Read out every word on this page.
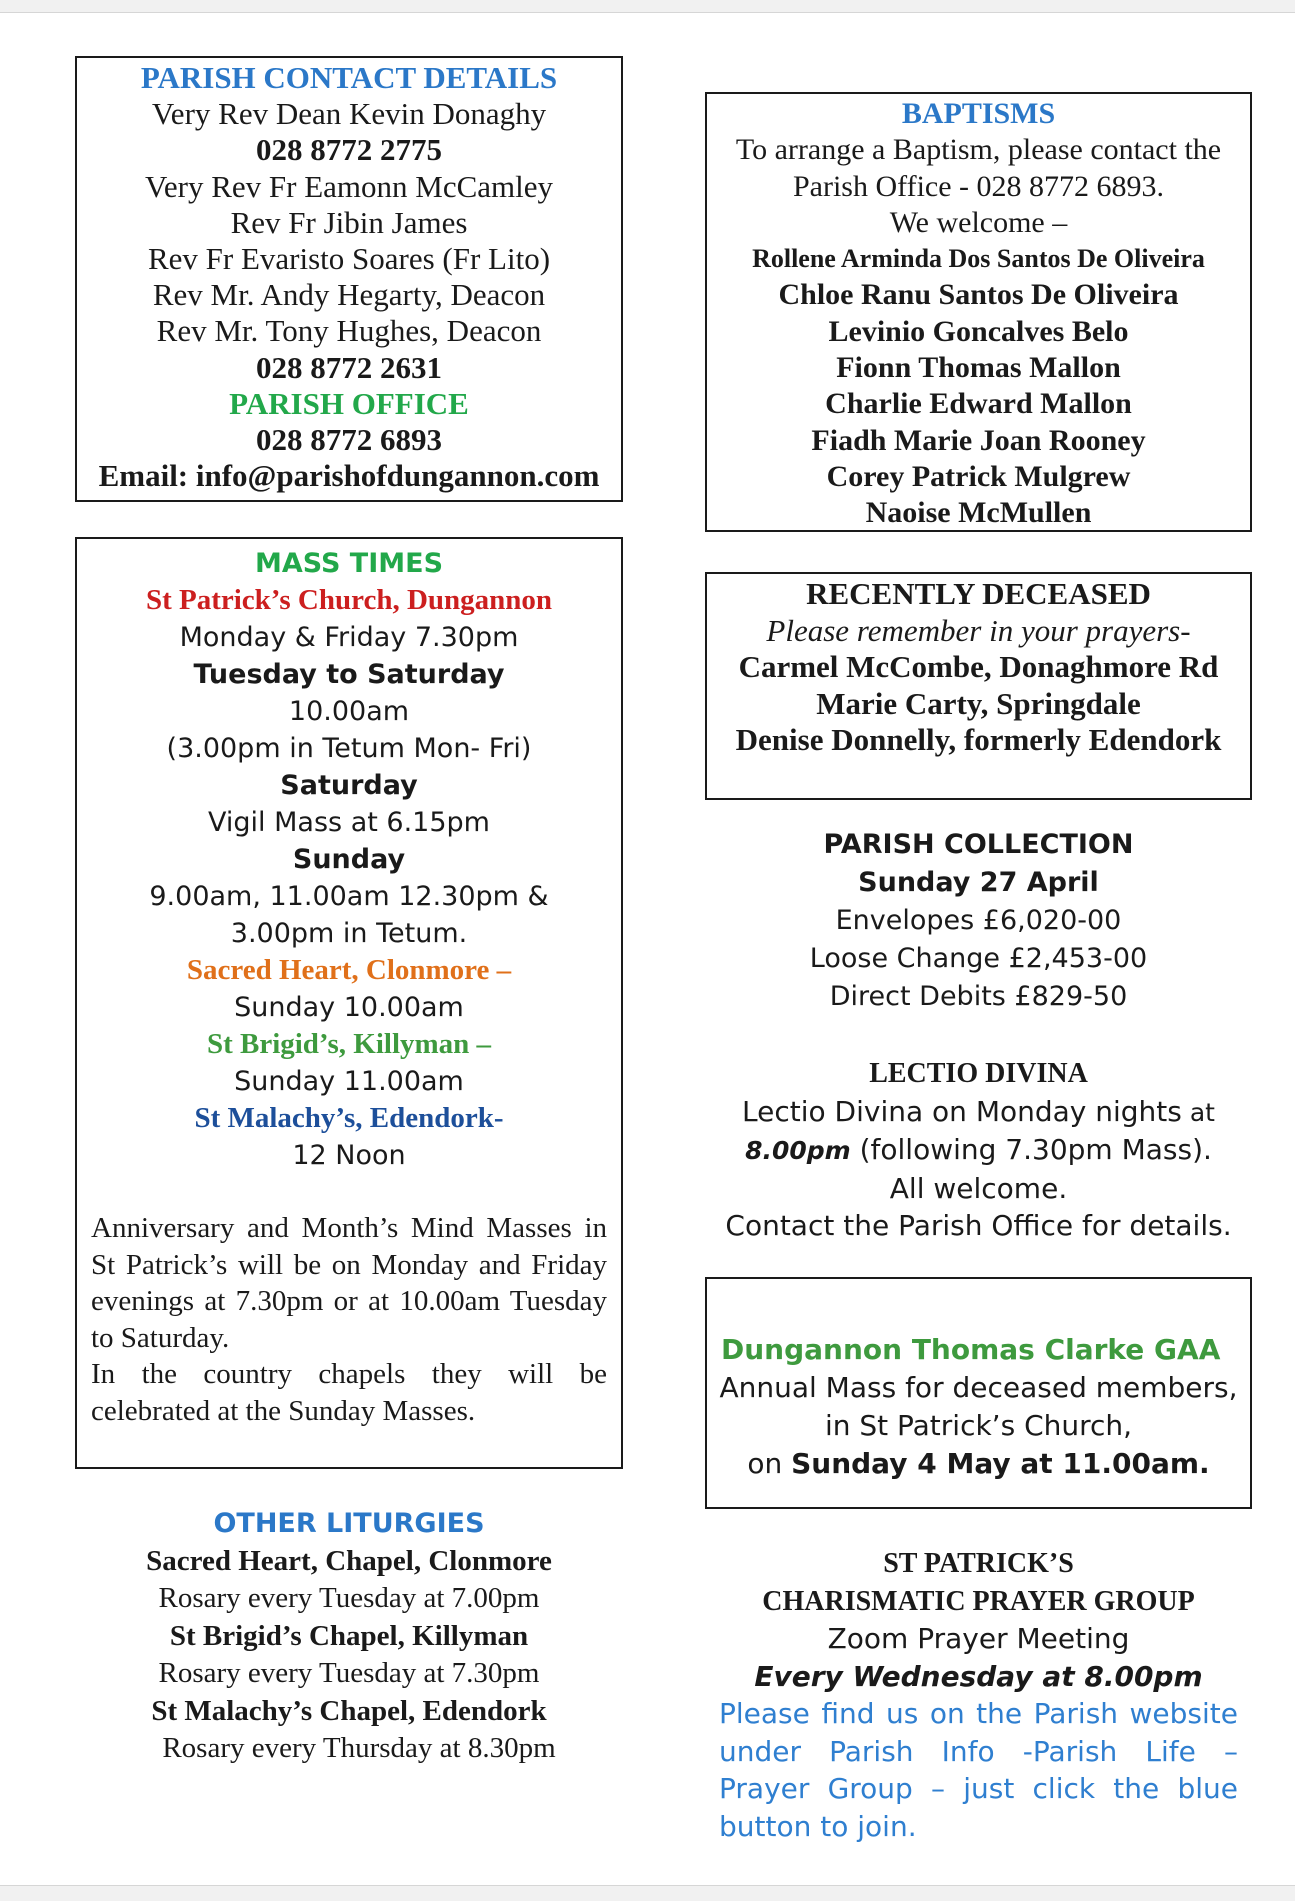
PARISH CONTACT DETAILS
Very Rev Dean Kevin Donaghy
028 8772 2775
Very Rev Fr Eamonn McCamley
Rev Fr Jibin James
Rev Fr Evaristo Soares (Fr Lito)
Rev Mr. Andy Hegarty, Deacon
Rev Mr. Tony Hughes, Deacon
028 8772 2631
PARISH OFFICE
028 8772 6893
Email: info@parishofdungannon.com
MASS TIMES
St Patrick’s Church, Dungannon
Monday & Friday 7.30pm
Tuesday to Saturday
10.00am
(3.00pm in Tetum Mon- Fri)
Saturday
Vigil Mass at 6.15pm
Sunday
9.00am, 11.00am 12.30pm &
3.00pm in Tetum.
Sacred Heart, Clonmore –
Sunday 10.00am
St Brigid’s, Killyman –
Sunday 11.00am
St Malachy’s, Edendork-
12 Noon

Anniversary and Month’s Mind Masses in St Patrick’s will be on Monday and Friday evenings at 7.30pm or at 10.00am Tuesday to Saturday.

In the country chapels they will be celebrated at the Sunday Masses.

OTHER LITURGIES
Sacred Heart, Chapel, Clonmore
Rosary every Tuesday at 7.00pm
St Brigid’s Chapel, Killyman
Rosary every Tuesday at 7.30pm
St Malachy’s Chapel, Edendork
Rosary every Thursday at 8.30pm
BAPTISMS
To arrange a Baptism, please contact the
Parish Office - 028 8772 6893.
We welcome –
Rollene Arminda Dos Santos De Oliveira
Chloe Ranu Santos De Oliveira
Levinio Goncalves Belo
Fionn Thomas Mallon
Charlie Edward Mallon
Fiadh Marie Joan Rooney
Corey Patrick Mulgrew
Naoise McMullen
RECENTLY DECEASED
Please remember in your prayers-
Carmel McCombe, Donaghmore Rd
Marie Carty, Springdale
Denise Donnelly, formerly Edendork
PARISH COLLECTION
Sunday 27 April
Envelopes £6,020-00
Loose Change £2,453-00
Direct Debits £829-50
LECTIO DIVINA
Lectio Divina on Monday nights at
8.00pm (following 7.30pm Mass).
All welcome.
Contact the Parish Office for details.
Dungannon Thomas Clarke GAA
Annual Mass for deceased members,
in St Patrick’s Church,
on Sunday 4 May at 11.00am.
ST PATRICK’S
CHARISMATIC PRAYER GROUP
Zoom Prayer Meeting
Every Wednesday at 8.00pm

Please find us on the Parish website under Parish Info -Parish Life – Prayer Group – just click the blue button to join.
